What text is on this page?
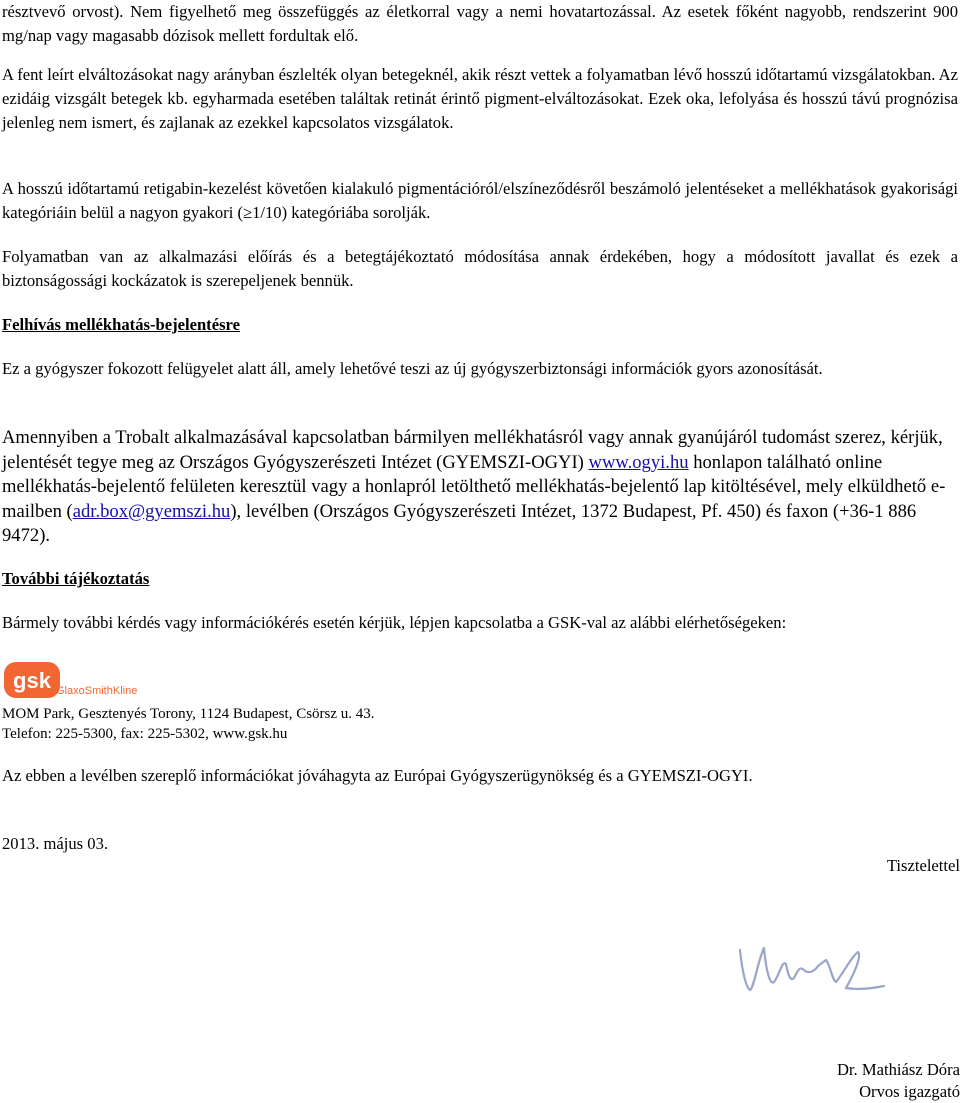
résztvevő orvost). Nem figyelhető meg összefüggés az életkorral vagy a nemi hovatartozással. Az esetek főként nagyobb, rendszerint 900 mg/nap vagy magasabb dózisok mellett fordultak elő.

A fent leírt elváltozásokat nagy arányban észlelték olyan betegeknél, akik részt vettek a folyamatban lévő hosszú időtartamú vizsgálatokban. Az ezidáig vizsgált betegek kb. egyharmada esetében találtak retinát érintő pigment-elváltozásokat. Ezek oka, lefolyása és hosszú távú prognózisa jelenleg nem ismert, és zajlanak az ezekkel kapcsolatos vizsgálatok.

A hosszú időtartamú retigabin-kezelést követően kialakuló pigmentációról/elszíneződésről beszámoló jelentéseket a mellékhatások gyakorisági kategóriáin belül a nagyon gyakori (≥1/10) kategóriába sorolják.

Folyamatban van az alkalmazási előírás és a betegtájékoztató módosítása annak érdekében, hogy a módosított javallat és ezek a biztonságossági kockázatok is szerepeljenek bennük.

Felhívás mellékhatás-bejelentésre

Ez a gyógyszer fokozott felügyelet alatt áll, amely lehetővé teszi az új gyógyszerbiztonsági információk gyors azonosítását.

Amennyiben a Trobalt alkalmazásával kapcsolatban bármilyen mellékhatásról vagy annak gyanújáról tudomást szerez, kérjük, jelentését tegye meg az Országos Gyógyszerészeti Intézet (GYEMSZI-OGYI) www.ogyi.hu honlapon található online mellékhatás-bejelentő felületen keresztül vagy a honlapról letölthető mellékhatás-bejelentő lap kitöltésével, mely elküldhető e-mailben (adr.box@gyemszi.hu), levélben (Országos Gyógyszerészeti Intézet, 1372 Budapest, Pf. 450) és faxon (+36-1 886 9472).

További tájékoztatás

Bármely további kérdés vagy információkérés esetén kérjük, lépjen kapcsolatba a GSK-val az alábbi elérhetőségeken:

gsk GlaxoSmithKline
MOM Park, Gesztenyés Torony, 1124 Budapest, Csörsz u. 43.
Telefon: 225-5300, fax: 225-5302, www.gsk.hu

Az ebben a levélben szereplő információkat jóváhagyta az Európai Gyógyszerügynökség és a GYEMSZI-OGYI.

2013. május 03.

Tisztelettel
Dr. Mathiász Dóra
Orvos igazgató
